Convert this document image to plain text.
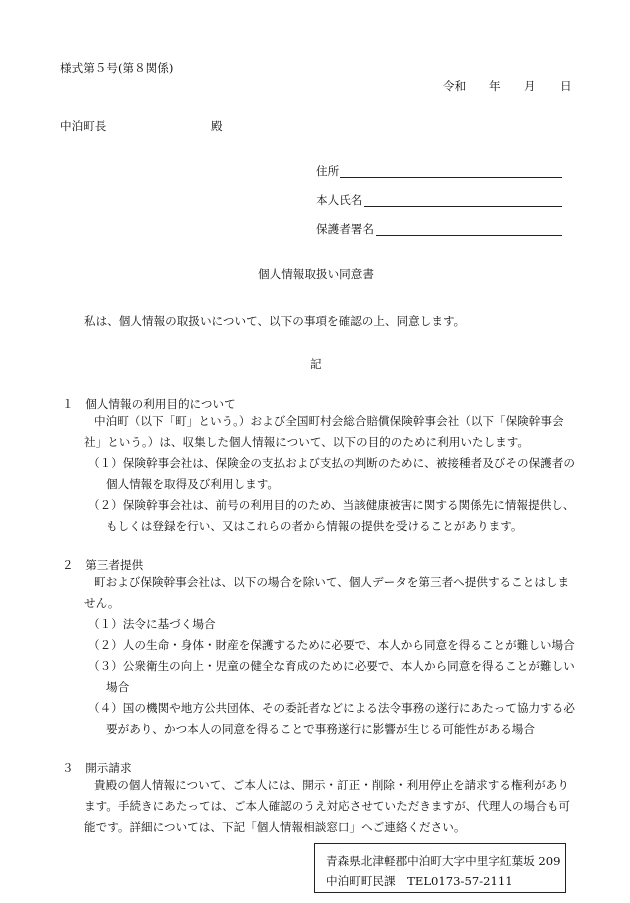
様式第５号(第８関係)
令和 年 月 日
中泊町長	殿
住所
本人氏名
保護者署名
個人情報取扱い同意書
私は、個人情報の取扱いについて、以下の事項を確認の上、同意します。
記
１　個人情報の利用目的について
中泊町（以下「町」という。）および全国町村会総合賠償保険幹事会社（以下「保険幹事会
社」という。）は、収集した個人情報について、以下の目的のために利用いたします。
（１）保険幹事会社は、保険金の支払および支払の判断のために、被接種者及びその保護者の
個人情報を取得及び利用します。
（２）保険幹事会社は、前号の利用目的のため、当該健康被害に関する関係先に情報提供し、
もしくは登録を行い、又はこれらの者から情報の提供を受けることがあります。
２　第三者提供
町および保険幹事会社は、以下の場合を除いて、個人データを第三者へ提供することはしま
せん。
（１）法令に基づく場合
（２）人の生命・身体・財産を保護するために必要で、本人から同意を得ることが難しい場合
（３）公衆衛生の向上・児童の健全な育成のために必要で、本人から同意を得ることが難しい
場合
（４）国の機関や地方公共団体、その委託者などによる法令事務の遂行にあたって協力する必
要があり、かつ本人の同意を得ることで事務遂行に影響が生じる可能性がある場合
３　開示請求
貴殿の個人情報について、ご本人には、開示・訂正・削除・利用停止を請求する権利があり
ます。手続きにあたっては、ご本人確認のうえ対応させていただきますが、代理人の場合も可
能です。詳細については、下記「個人情報相談窓口」へご連絡ください。
青森県北津軽郡中泊町大字中里字紅葉坂 209
中泊町町民課　TEL0173-57-2111
